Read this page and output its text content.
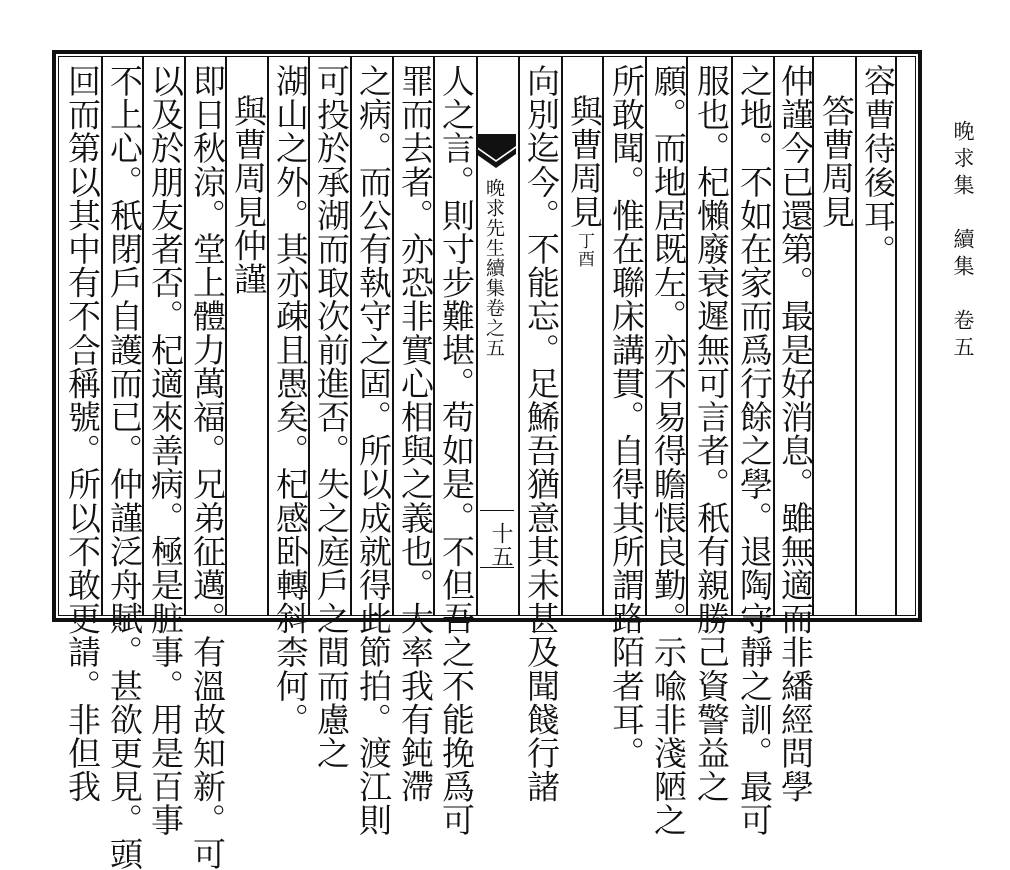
容曹待後耳。
答曹周見
仲謹今已還第。最是好消息。雖無適而非繙經問學
之地。不如在家而爲行餘之學。退陶守靜之訓。最可
服也。杞懶廢衰遲無可言者。秖有親勝己資警益之
願。而地居既左。亦不易得瞻悵良勤。示喩非淺陋之
所敢聞。惟在聯床講貫。自得其所謂路陌者耳。
與曹周見丁酉
向別迄今。不能忘。足鯑吾猶意其未甚及聞餞行諸
晚求先生續集卷之五
十五
人之言。則寸步難堪。苟如是。不但吾之不能挽爲可
罪而去者。亦恐非實心相與之義也。大率我有鈍滯
之病。而公有執守之固。所以成就得此節拍。渡江則
可投於承湖而取次前進否。失之庭戶之間而慮之
湖山之外。其亦疎且愚矣。杞感卧轉斜柰何。
與曹周見仲謹
即日秋涼。堂上體力萬福。兄弟征邁。有溫故知新。可
以及於朋友者否。杞適來善病。極是脏事。用是百事
不上心。秖閉戶自護而已。仲謹泛舟賦。甚欲更見。頭
回而第以其中有不合稱號。所以不敢更請。非但我	晚求集　續集　卷五
